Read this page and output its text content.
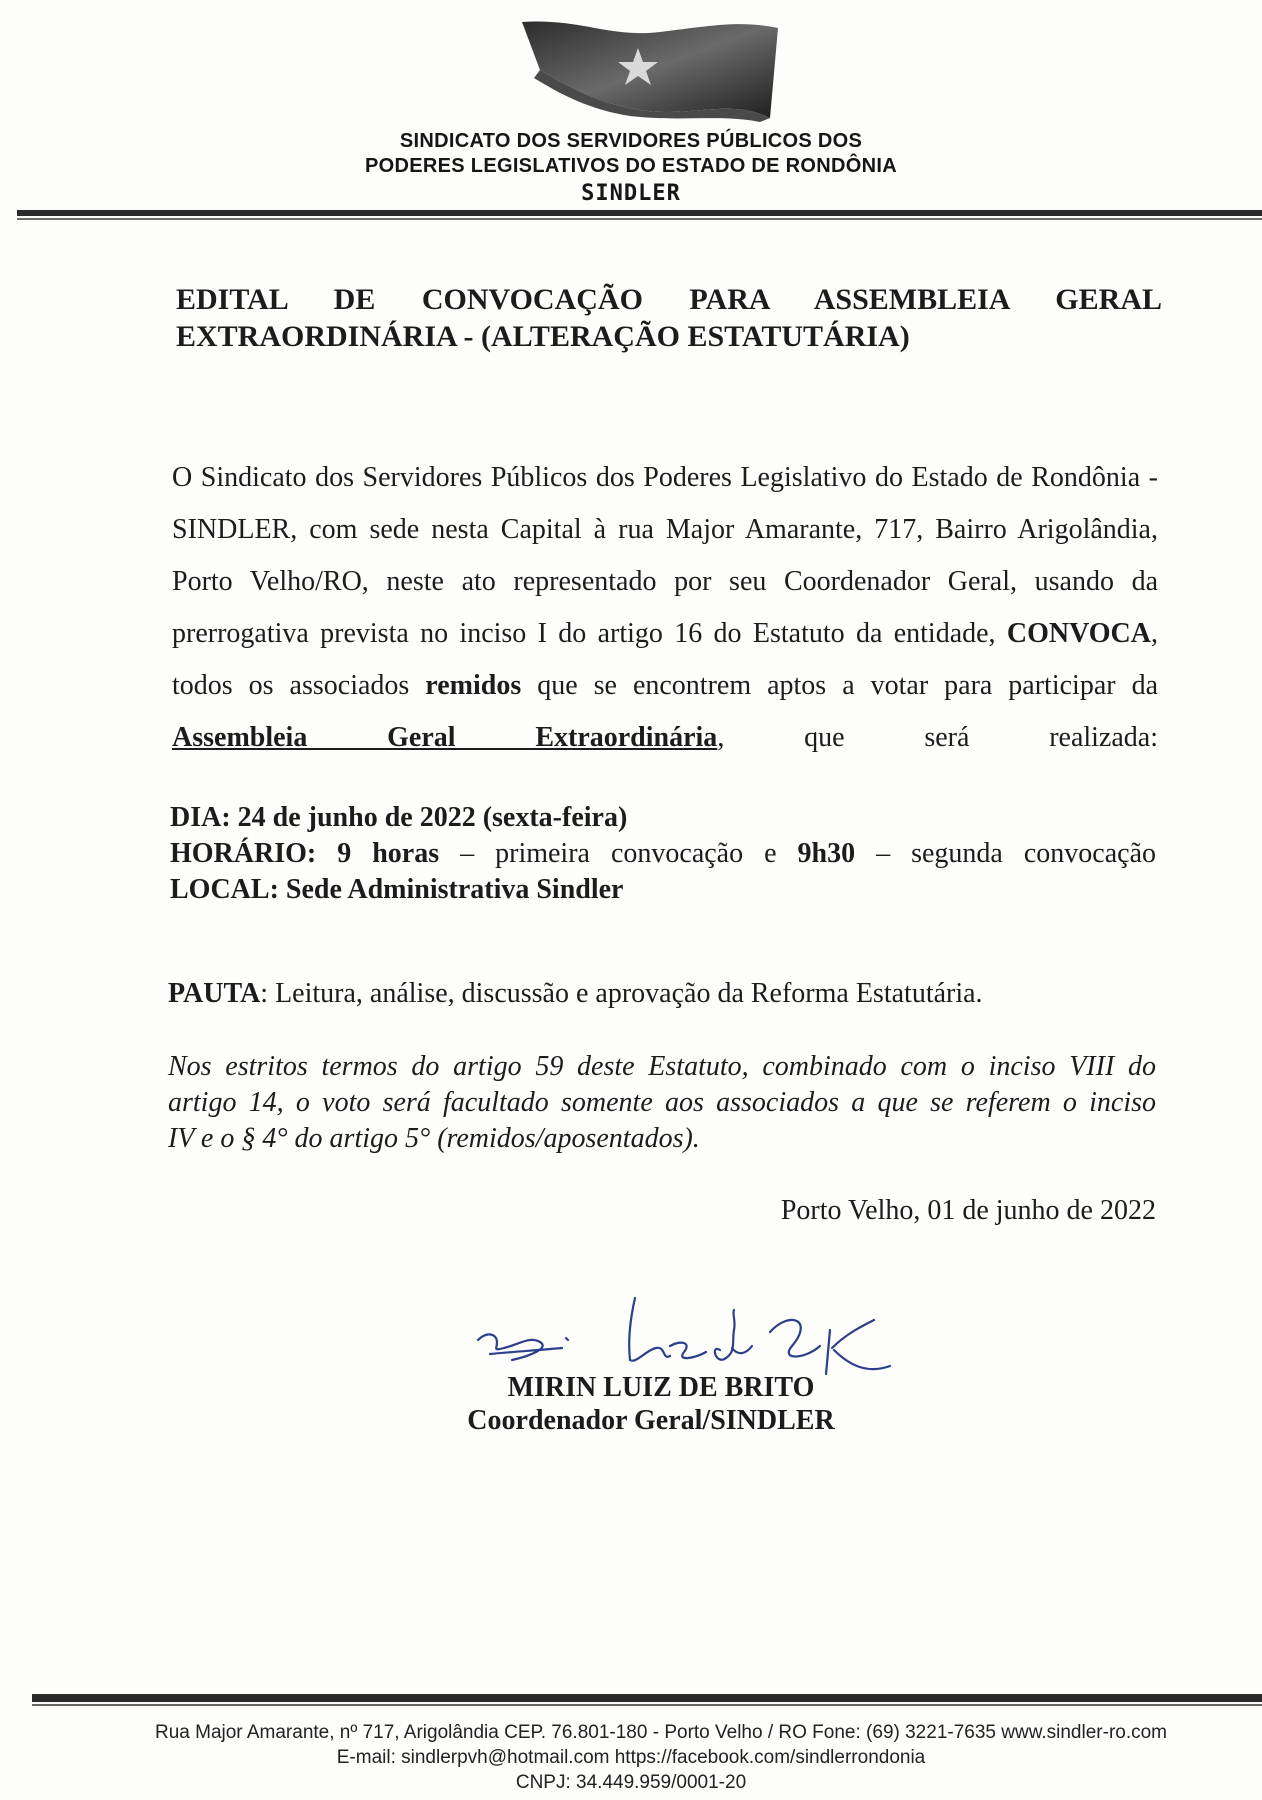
SINDICATO DOS SERVIDORES PÚBLICOS DOS
PODERES LEGISLATIVOS DO ESTADO DE RONDÔNIA
SINDLER
EDITAL DE CONVOCAÇÃO PARA ASSEMBLEIA GERAL
EXTRAORDINÁRIA - (ALTERAÇÃO ESTATUTÁRIA)

O Sindicato dos Servidores Públicos dos Poderes Legislativo do Estado de Rondônia - SINDLER, com sede nesta Capital à rua Major Amarante, 717, Bairro Arigolândia, Porto Velho/RO, neste ato representado por seu Coordenador Geral, usando da prerrogativa prevista no inciso I do artigo 16 do Estatuto da entidade, CONVOCA, todos os associados remidos que se encontrem aptos a votar para participar da Assembleia Geral Extraordinária, que será realizada:

DIA: 24 de junho de 2022 (sexta-feira)

HORÁRIO: 9 horas – primeira convocação e 9h30 – segunda convocação

LOCAL: Sede Administrativa Sindler

PAUTA: Leitura, análise, discussão e aprovação da Reforma Estatutária.

Nos estritos termos do artigo 59 deste Estatuto, combinado com o inciso VIII do

artigo 14, o voto será facultado somente aos associados a que se referem o inciso

IV e o § 4° do artigo 5° (remidos/aposentados).

Porto Velho, 01 de junho de 2022
MIRIN LUIZ DE BRITO
Coordenador Geral/SINDLER
Rua Major Amarante, nº 717, Arigolândia CEP. 76.801-180 - Porto Velho / RO Fone: (69) 3221-7635 www.sindler-ro.com
E-mail: sindlerpvh@hotmail.com https://facebook.com/sindlerrondonia
CNPJ: 34.449.959/0001-20
